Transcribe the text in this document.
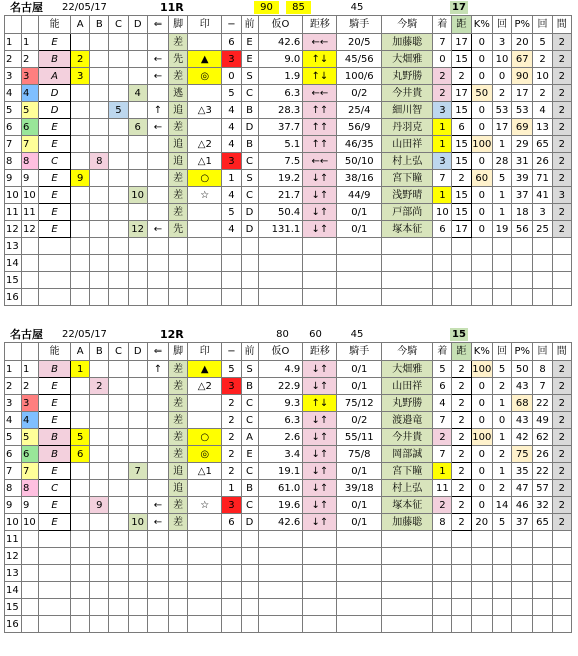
名古屋 22/05/17	11R	90	85	45	17
		能	A	B	C	D	⇐	脚	印	−	前	仮O	距移	騎手	今騎	着	距	K%	回	P%	回	間
1	1	E						差		6	E	42.6	←←	20/5	加藤聡	7	17	0	3	20	5	2
2	2	B	2				←	先	▲	3	E	9.0	↑↓	45/56	大畑雅	0	15	0	10	67	2	2
3	3	A	3				←	差	◎	0	S	1.9	↑↓	100/6	丸野勝	2	2	0	0	90	10	2
4	4	D				4		逃		5	C	6.3	←←	0/2	今井貴	2	17	50	2	17	2	2
5	5	D			5		↑	追	△3	4	B	28.3	↑↑	25/4	細川智	3	15	0	53	53	4	2
6	6	E				6	←	差		4	D	37.7	↑↑	56/9	丹羽克	1	6	0	17	69	13	2
7	7	E						追	△2	4	B	5.1	↑↑	46/35	山田祥	1	15	100	1	29	65	2
8	8	C		8				追	△1	3	C	7.5	←←	50/10	村上弘	3	15	0	28	31	26	2
9	9	E	9					差	○	1	S	19.2	↓↑	38/16	宮下瞳	7	2	60	5	39	71	2
10	10	E				10		差	☆	4	C	21.7	↓↑	44/9	浅野晴	1	15	0	1	37	41	3
11	11	E						差		5	D	50.4	↓↑	0/1	戸部尚	10	15	0	1	18	3	2
12	12	E				12	←	先		4	D	131.1	↓↑	0/1	塚本征	6	17	0	19	56	25	2
13																						
14																						
15																						
16																						
名古屋 22/05/17	12R	80	60	45	15
		能	A	B	C	D	⇐	脚	印	−	前	仮O	距移	騎手	今騎	着	距	K%	回	P%	回	間
1	1	B	1				↑	差	▲	5	S	4.9	↓↑	0/1	大畑雅	5	2	100	5	50	8	2
2	2	E		2				差	△2	3	B	22.9	↓↑	0/1	山田祥	6	2	0	2	43	7	2
3	3	E						差		2	C	9.3	↑↓	75/12	丸野勝	4	2	0	1	68	22	2
4	4	E						差		2	C	6.3	↓↑	0/2	渡邉竜	7	2	0	0	43	49	2
5	5	B	5					差	○	2	A	2.6	↓↑	55/11	今井貴	2	2	100	1	42	62	2
6	6	B	6					差	◎	2	E	3.4	↓↑	75/8	岡部誠	7	2	0	2	75	26	2
7	7	E				7		追	△1	2	C	19.1	↓↑	0/1	宮下瞳	1	2	0	1	35	22	2
8	8	C						追		1	B	61.0	↓↑	39/18	村上弘	11	2	0	2	47	57	2
9	9	E		9			←	差	☆	3	C	19.6	↓↑	0/1	塚本征	2	2	0	14	46	32	2
10	10	E				10	←	差		6	D	42.6	↓↑	0/1	加藤聡	8	2	20	5	37	65	2
11																						
12																						
13																						
14																						
15																						
16																						
